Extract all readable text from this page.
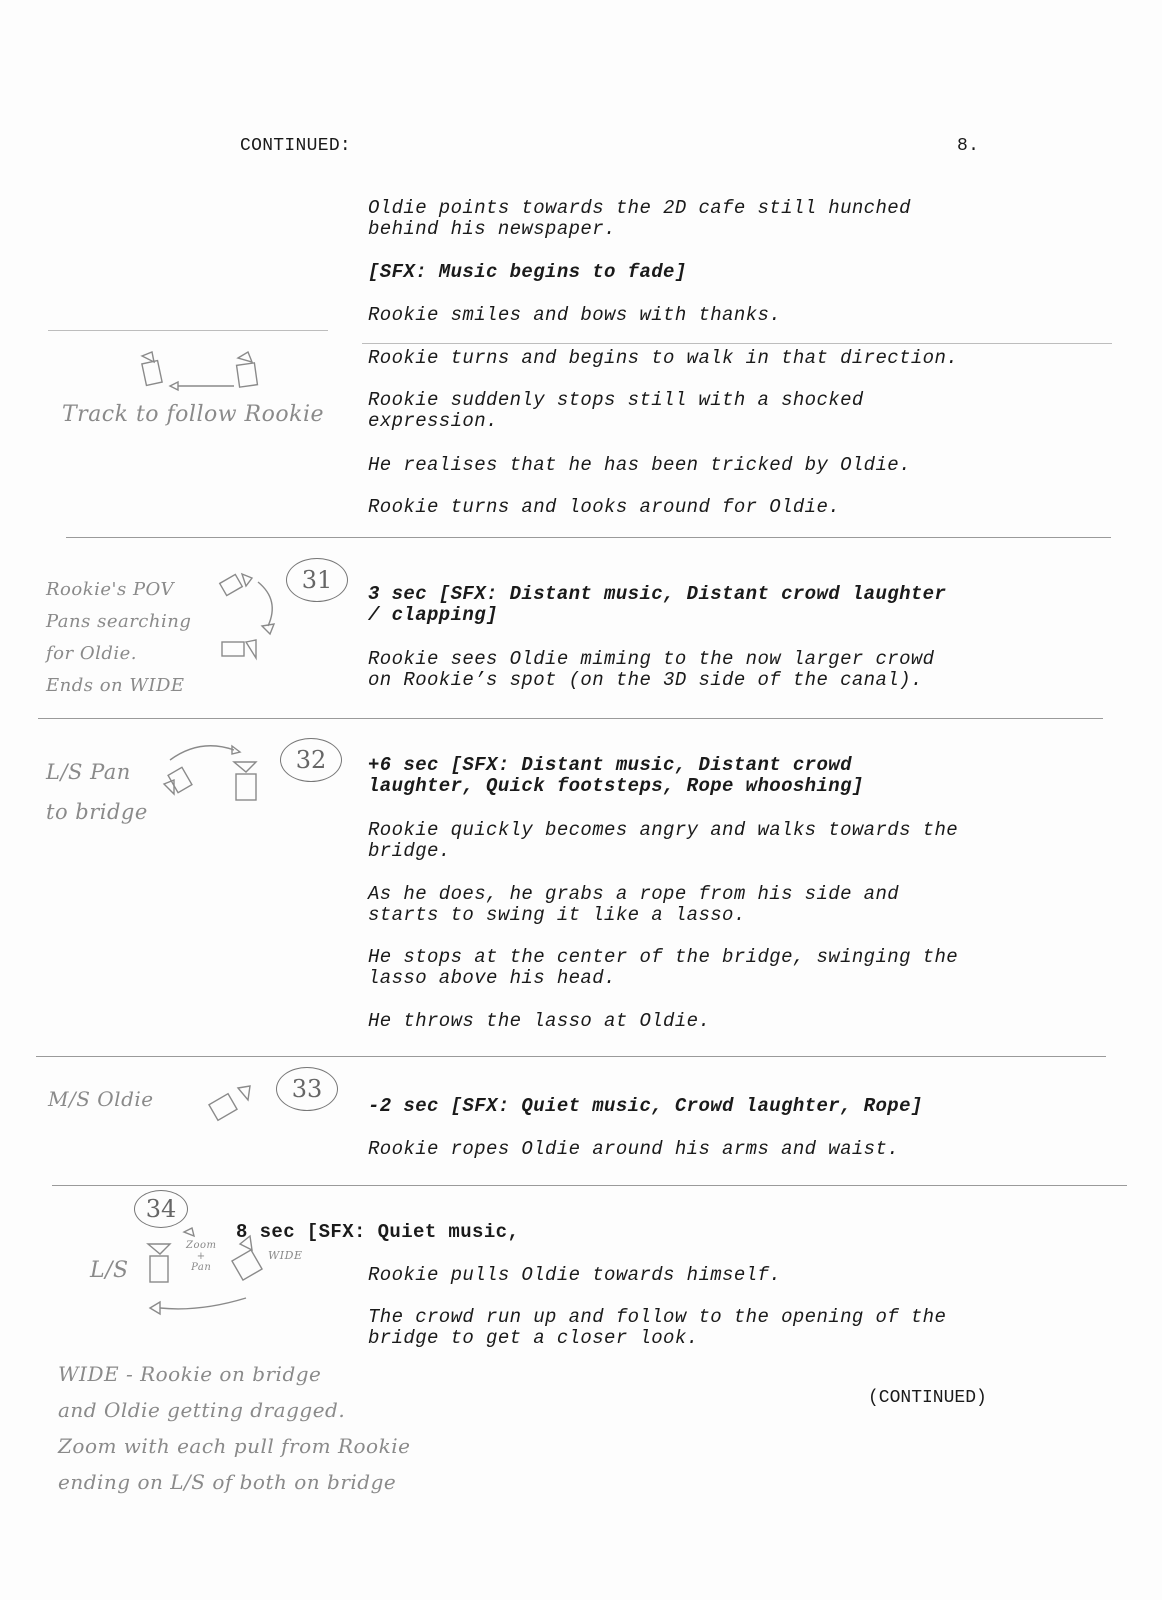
CONTINUED:	8.
Oldie points towards the 2D cafe still hunched
behind his newspaper.
[SFX: Music begins to fade]
Rookie smiles and bows with thanks.
Rookie turns and begins to walk in that direction.
Rookie suddenly stops still with a shocked
expression.
He realises that he has been tricked by Oldie.
Rookie turns and looks around for Oldie.
3 sec [SFX: Distant music, Distant crowd laughter
/ clapping]
Rookie sees Oldie miming to the now larger crowd
on Rookie’s spot (on the 3D side of the canal).
+6 sec [SFX: Distant music, Distant crowd
laughter, Quick footsteps, Rope whooshing]
Rookie quickly becomes angry and walks towards the
bridge.
As he does, he grabs a rope from his side and
starts to swing it like a lasso.
He stops at the center of the bridge, swinging the
lasso above his head.
He throws the lasso at Oldie.
-2 sec [SFX: Quiet music, Crowd laughter, Rope]
Rookie ropes Oldie around his arms and waist.
8 sec [SFX: Quiet music,
Rookie pulls Oldie towards himself.
The crowd run up and follow to the opening of the
bridge to get a closer look.
(CONTINUED)
Track to follow Rookie
Rookie's POV
Pans searching
for Oldie.
Ends on WIDE
L/S Pan
to bridge
M/S Oldie
L/S
WIDE - Rookie on bridge
and Oldie getting dragged.
Zoom with each pull from Rookie
ending on L/S of both on bridge
31
32
33
34
Zoom
+
Pan
WIDE
